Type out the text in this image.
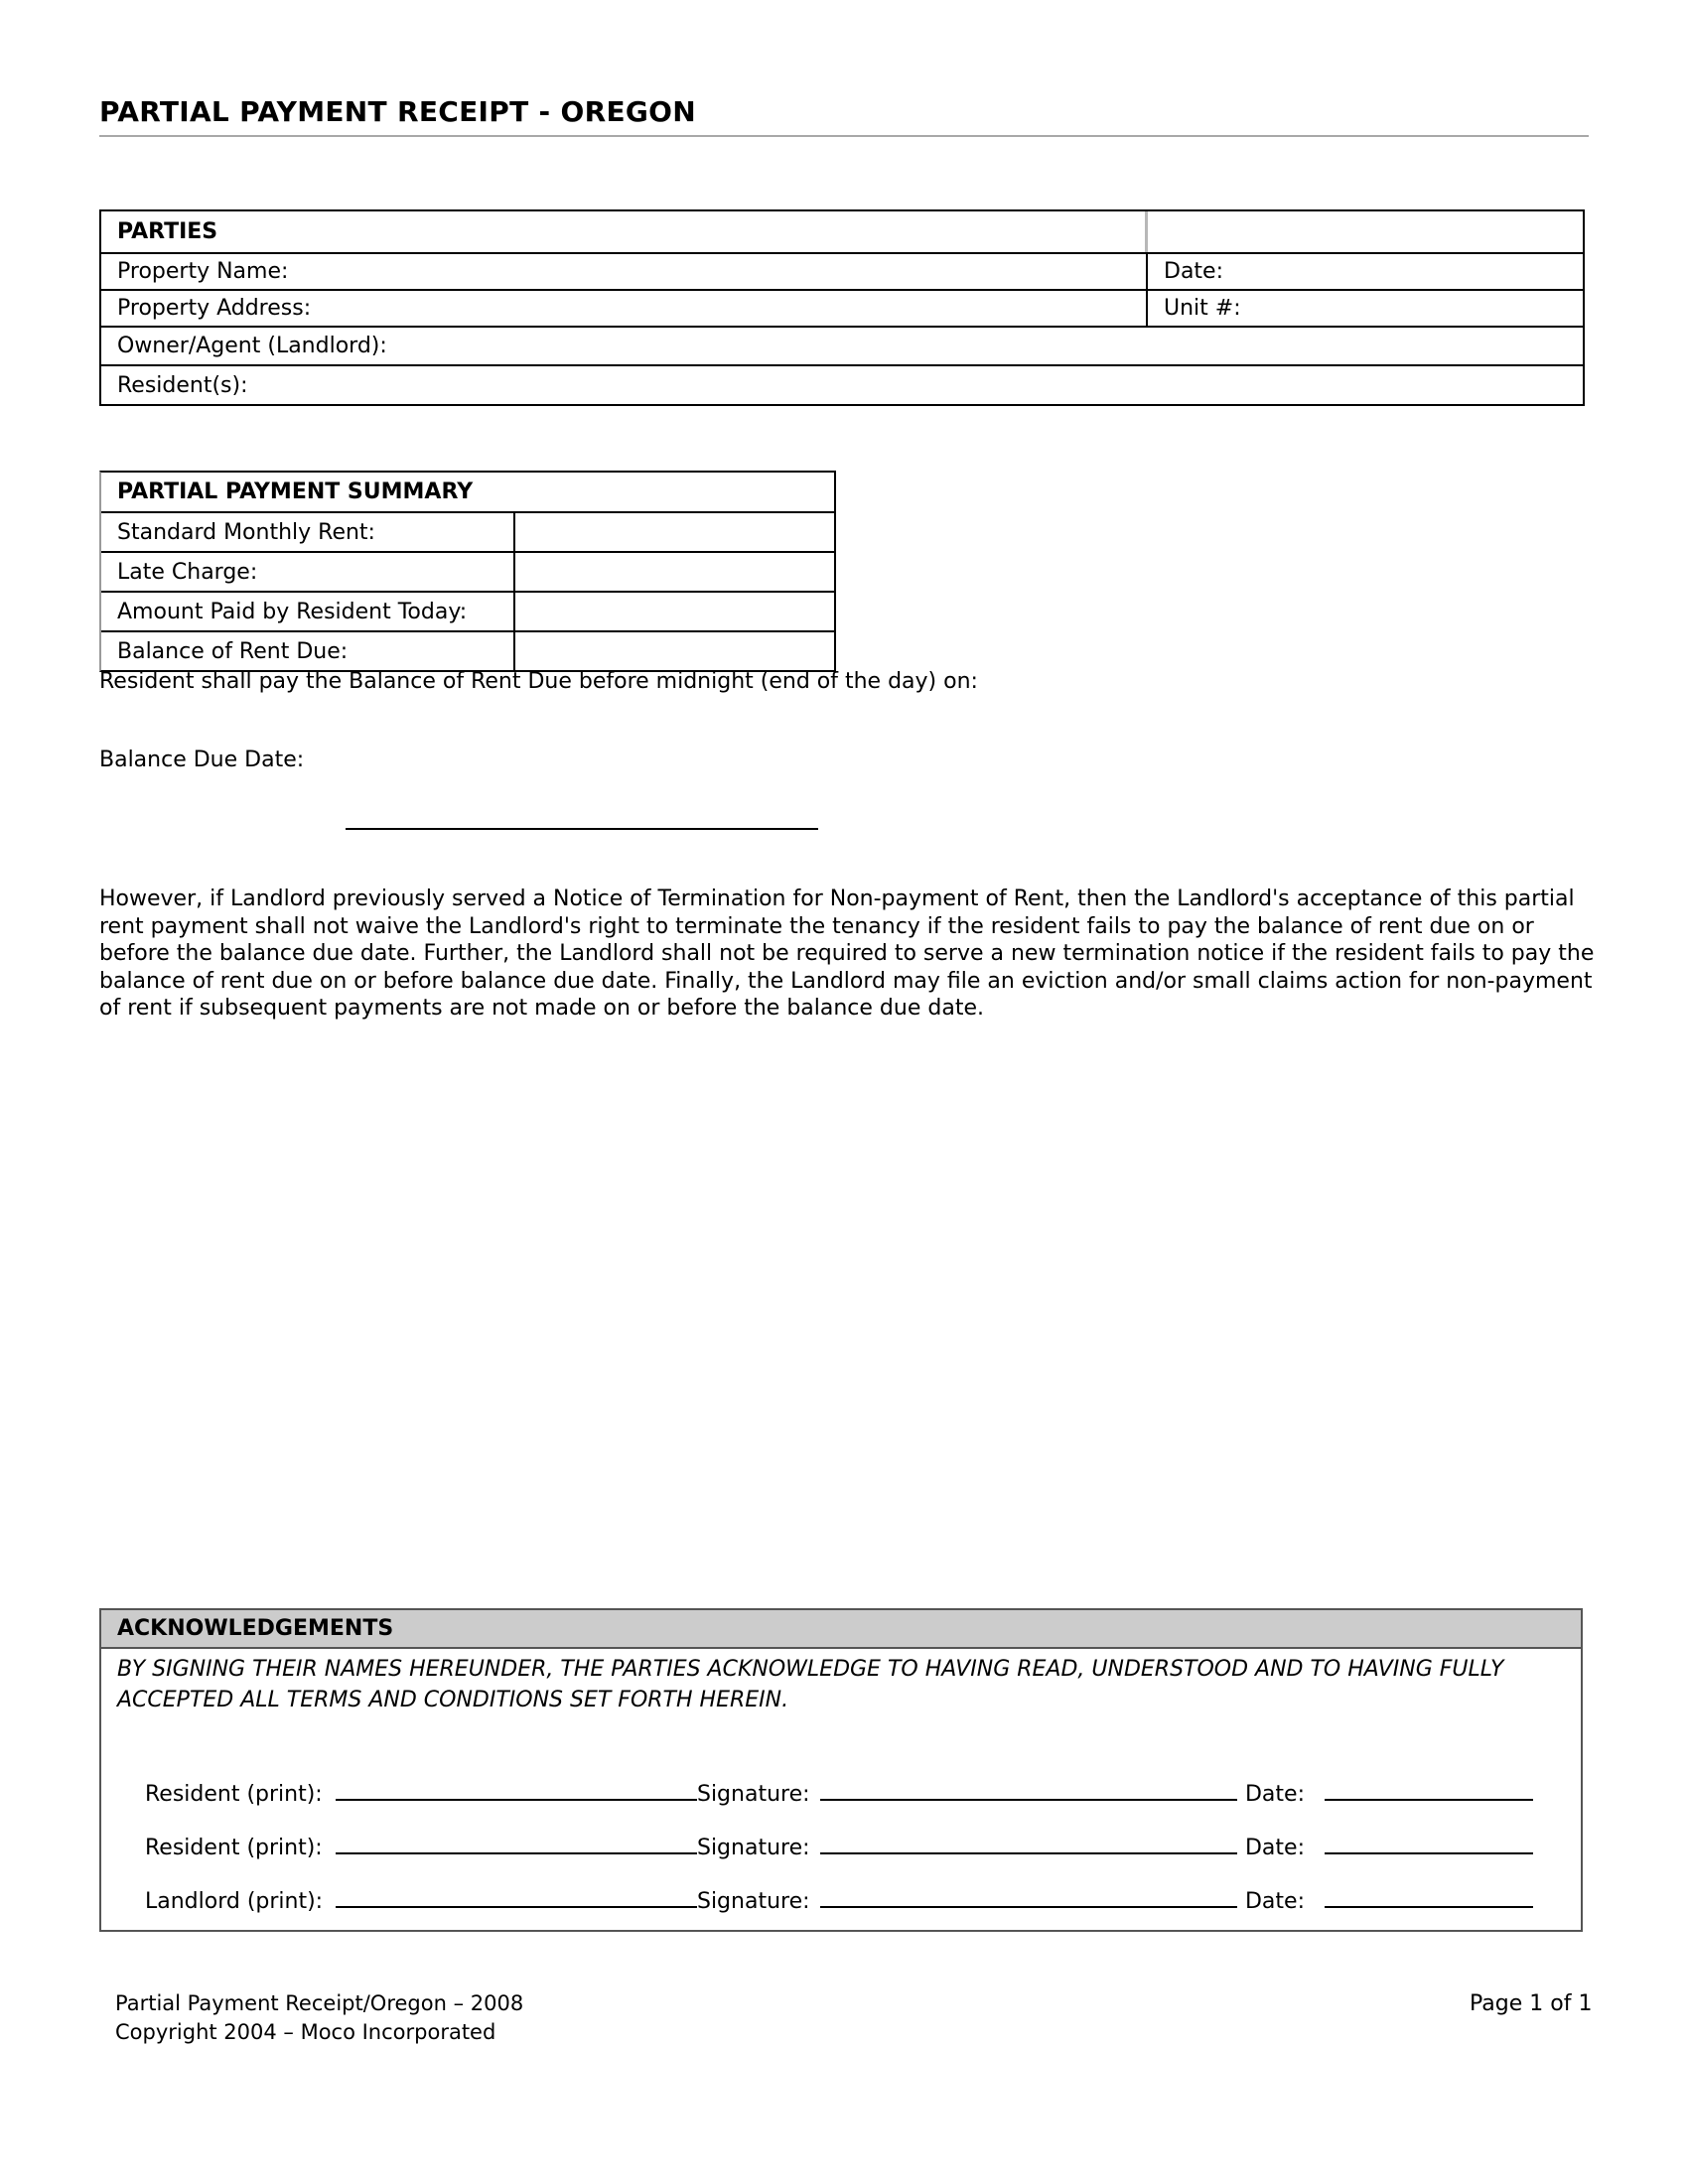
PARTIAL PAYMENT RECEIPT - OREGON
PARTIES
Property Name:	Date:
Property Address:	Unit #:
Owner/Agent (Landlord):
Resident(s):
PARTIAL PAYMENT SUMMARY
Standard Monthly Rent:
Late Charge:
Amount Paid by Resident Today:
Balance of Rent Due:
Resident shall pay the Balance of Rent Due before midnight (end of the day) on:
Balance Due Date:
However, if Landlord previously served a Notice of Termination for Non-payment of Rent, then the Landlord's acceptance of this partial rent payment shall not waive the Landlord's right to terminate the tenancy if the resident fails to pay the balance of rent due on or before the balance due date. Further, the Landlord shall not be required to serve a new termination notice if the resident fails to pay the balance of rent due on or before balance due date. Finally, the Landlord may file an eviction and/or small claims action for non-payment of rent if subsequent payments are not made on or before the balance due date.
ACKNOWLEDGEMENTS
BY SIGNING THEIR NAMES HEREUNDER, THE PARTIES ACKNOWLEDGE TO HAVING READ, UNDERSTOOD AND TO HAVING FULLY ACCEPTED ALL TERMS AND CONDITIONS SET FORTH HEREIN.

Resident (print):	Signature:	Date:

Resident (print):	Signature:	Date:

Landlord (print):	Signature:	Date:

Partial Payment Receipt/Oregon – 2008
Copyright 2004 – Moco Incorporated
Page 1 of 1
